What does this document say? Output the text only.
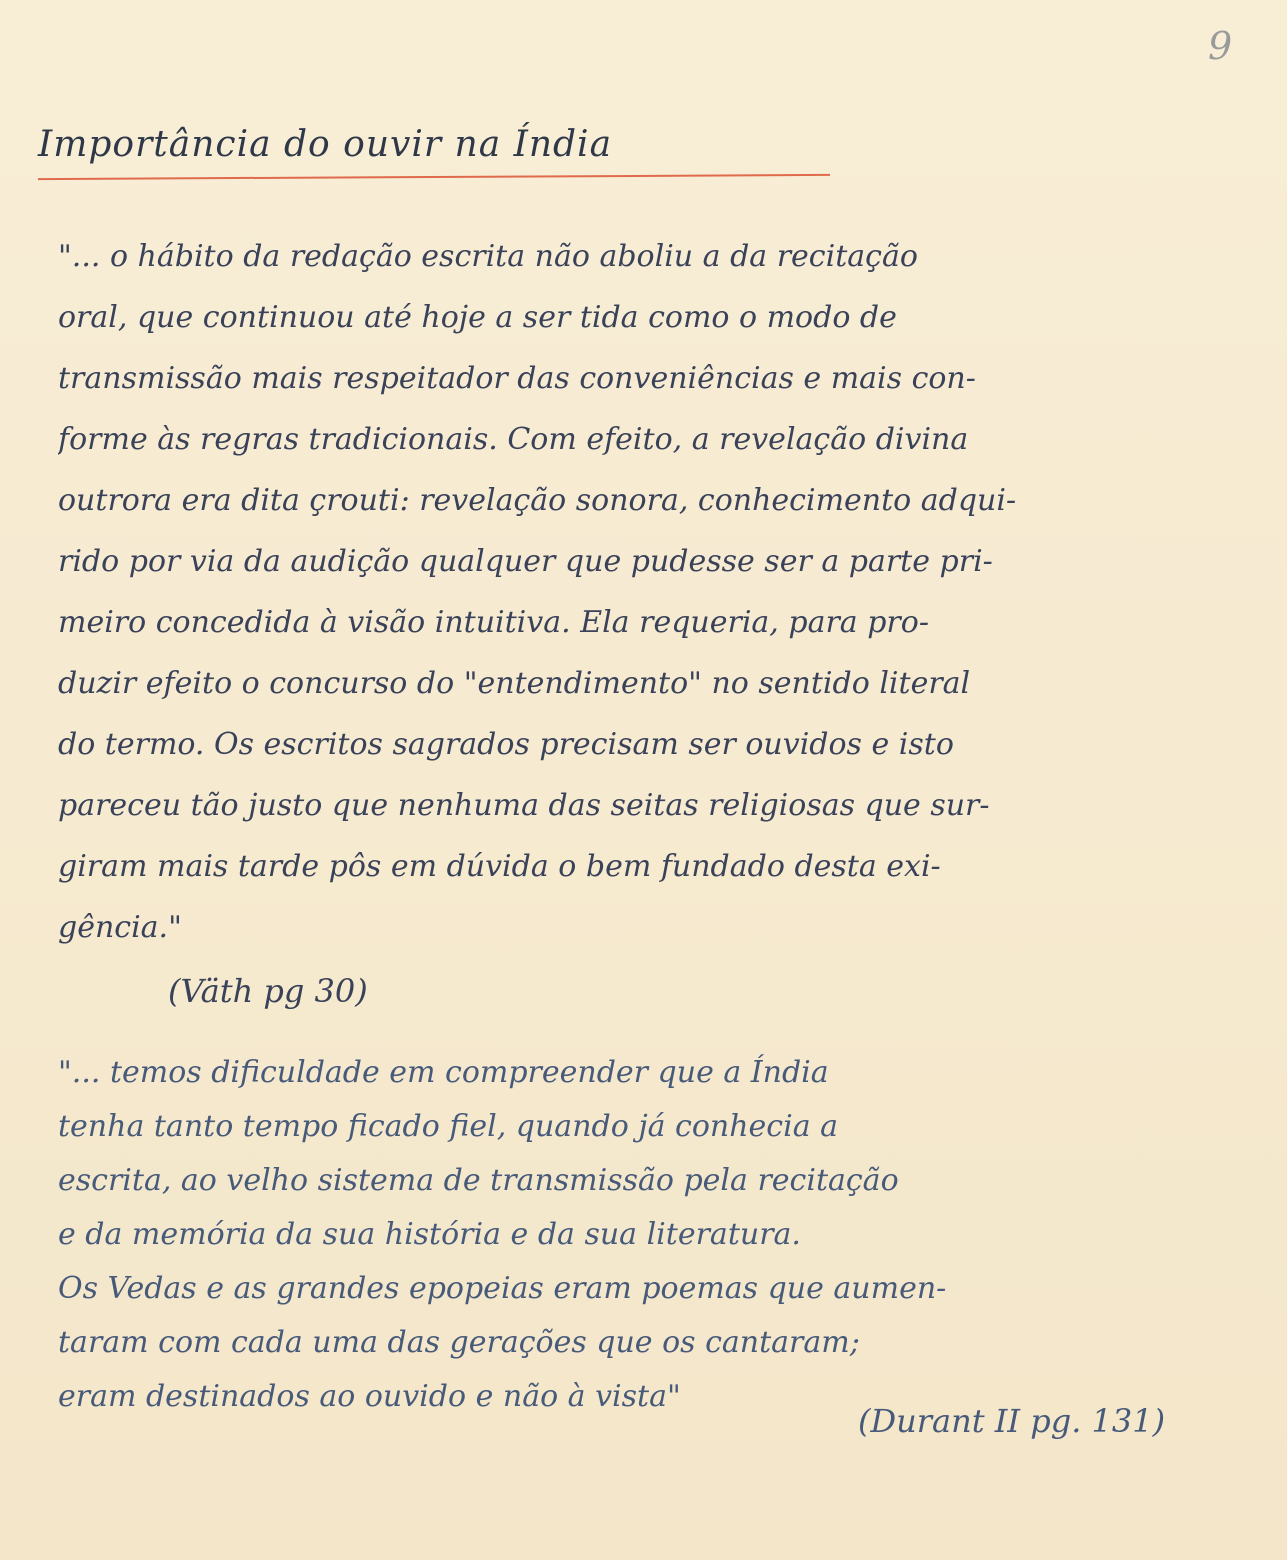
9
Importância do ouvir na Índia
"... o hábito da redação escrita não aboliu a da recitação
oral, que continuou até hoje a ser tida como o modo de
transmissão mais respeitador das conveniências e mais con-
forme às regras tradicionais. Com efeito, a revelação divina
outrora era dita çrouti: revelação sonora, conhecimento adqui-
rido por via da audição qualquer que pudesse ser a parte pri-
meiro concedida à visão intuitiva. Ela requeria, para pro-
duzir efeito o concurso do "entendimento" no sentido literal
do termo. Os escritos sagrados precisam ser ouvidos e isto
pareceu tão justo que nenhuma das seitas religiosas que sur-
giram mais tarde pôs em dúvida o bem fundado desta exi-
gência."
(Väth pg 30)
"... temos dificuldade em compreender que a Índia
tenha tanto tempo ficado fiel, quando já conhecia a
escrita, ao velho sistema de transmissão pela recitação
e da memória da sua história e da sua literatura.
Os Vedas e as grandes epopeias eram poemas que aumen-
taram com cada uma das gerações que os cantaram;
eram destinados ao ouvido e não à vista"
(Durant II pg. 131)
